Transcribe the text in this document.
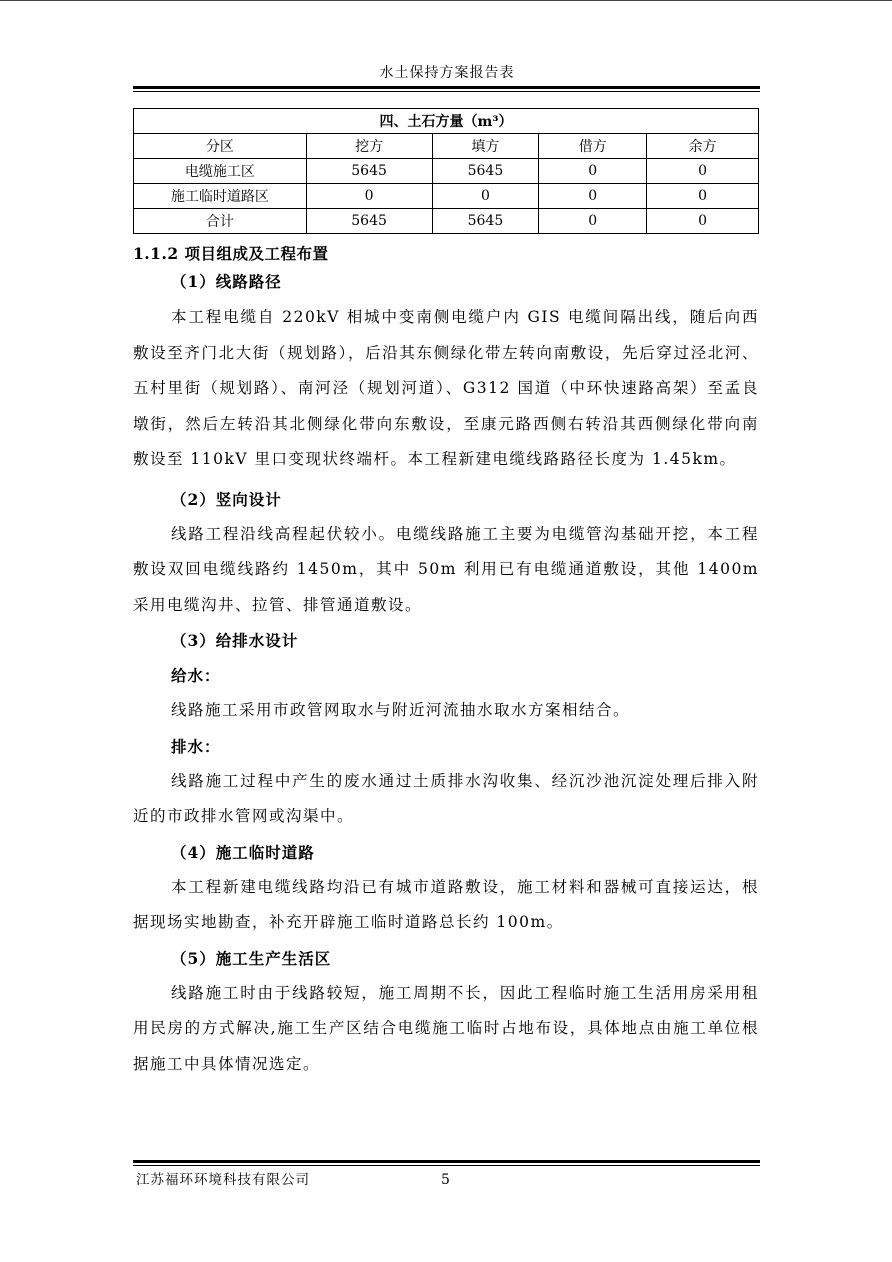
水土保持方案报告表
四、土石方量（m³）				
分区	挖方	填方	借方	余方
电缆施工区	5645	5645	0	0
施工临时道路区	0	0	0	0
合计	5645	5645	0	0

1.1.2 项目组成及工程布置

（1）线路路径

本工程电缆自 220kV 相城中变南侧电缆户内 GIS 电缆间隔出线，随后向西敷设至齐门北大街（规划路），后沿其东侧绿化带左转向南敷设，先后穿过泾北河、五村里街（规划路）、南河泾（规划河道）、G312 国道（中环快速路高架）至孟良墩街，然后左转沿其北侧绿化带向东敷设，至康元路西侧右转沿其西侧绿化带向南敷设至 110kV 里口变现状终端杆。本工程新建电缆线路路径长度为 1.45km。

（2）竖向设计

线路工程沿线高程起伏较小。电缆线路施工主要为电缆管沟基础开挖，本工程敷设双回电缆线路约 1450m，其中 50m 利用已有电缆通道敷设，其他 1400m 采用电缆沟井、拉管、排管通道敷设。

（3）给排水设计

给水：

线路施工采用市政管网取水与附近河流抽水取水方案相结合。

排水：

线路施工过程中产生的废水通过土质排水沟收集、经沉沙池沉淀处理后排入附近的市政排水管网或沟渠中。

（4）施工临时道路

本工程新建电缆线路均沿已有城市道路敷设，施工材料和器械可直接运达，根据现场实地勘查，补充开辟施工临时道路总长约 100m。

（5）施工生产生活区

线路施工时由于线路较短，施工周期不长，因此工程临时施工生活用房采用租用民房的方式解决,施工生产区结合电缆施工临时占地布设，具体地点由施工单位根据施工中具体情况选定。

江苏福环环境科技有限公司	5
